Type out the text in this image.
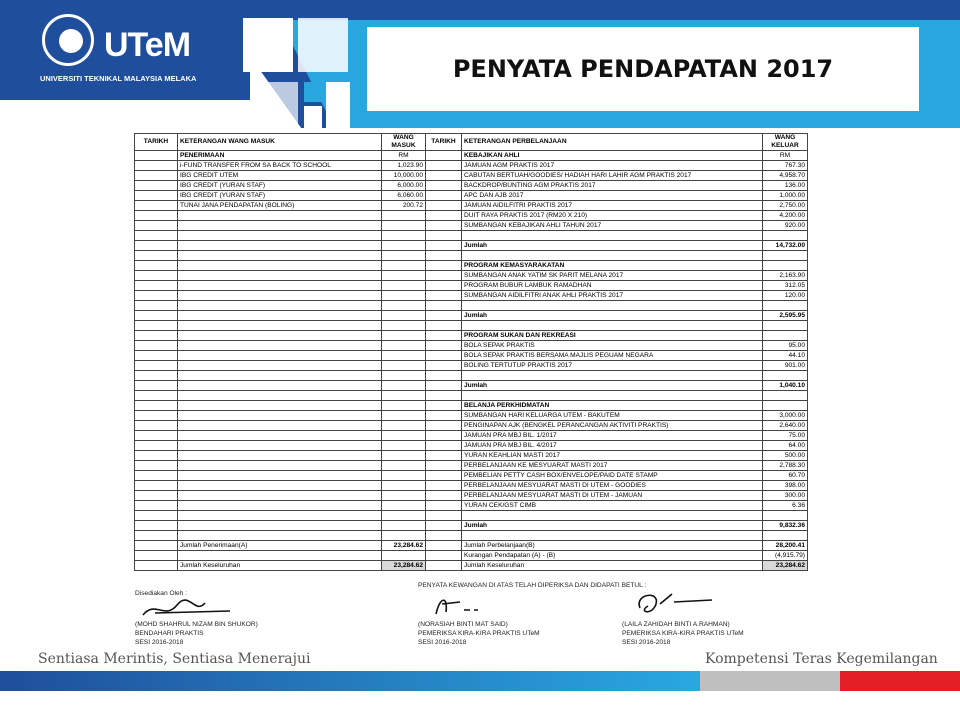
UTeM
UNIVERSITI TEKNIKAL MALAYSIA MELAKA	PENYATA PENDAPATAN 2017
TARIKH	KETERANGAN WANG MASUK	WANG MASUK	TARIKH	KETERANGAN PERBELANJAAN	WANG KELUAR
	PENERIMAAN	RM		KEBAJIKAN AHLI	RM
	i-FUND TRANSFER FROM SA BACK TO SCHOOL	1,023.90		JAMUAN AGM PRAKTIS 2017	767.30
	IBG CREDIT UTEM	10,000.00		CABUTAN BERTUAH/GOODIES/ HADIAH HARI LAHIR AGM PRAKTIS 2017	4,958.70
	IBG CREDIT (YURAN STAF)	6,000.00		BACKDROP/BUNTING AGM PRAKTIS 2017	136.00
	IBG CREDIT (YURAN STAF)	6,060.00		APC DAN AJB 2017	1,000.00
	TUNAI JANA PENDAPATAN (BOLING)	200.72		JAMUAN AIDILFITRI PRAKTIS 2017	2,750.00
				DUIT RAYA PRAKTIS 2017 (RM20 X 210)	4,200.00
				SUMBANGAN KEBAJIKAN AHLI TAHUN 2017	920.00

				Jumlah	14,732.00

				PROGRAM KEMASYARAKATAN	
				SUMBANGAN ANAK YATIM SK PARIT MELANA 2017	2,163.90
				PROGRAM BUBUR LAMBUK RAMADHAN	312.05
				SUMBANGAN AIDILFITRI ANAK AHLI PRAKTIS 2017	120.00

				Jumlah	2,595.95

				PROGRAM SUKAN DAN REKREASI	
				BOLA SEPAK PRAKTIS	95.00
				BOLA SEPAK PRAKTIS BERSAMA MAJLIS PEGUAM NEGARA	44.10
				BOLING TERTUTUP PRAKTIS 2017	901.00

				Jumlah	1,040.10

				BELANJA PERKHIDMATAN	
				SUMBANGAN HARI KELUARGA UTEM - BAKUTEM	3,000.00
				PENGINAPAN AJK (BENGKEL PERANCANGAN AKTIVITI PRAKTIS)	2,640.00
				JAMUAN PRA MBJ BIL. 1/2017	75.00
				JAMUAN PRA MBJ BIL. 4/2017	64.00
				YURAN KEAHLIAN MASTI 2017	500.00
				PERBELANJAAN KE MESYUARAT MASTI 2017	2,788.30
				PEMBELIAN PETTY CASH BOX/ENVELOPE/PAID DATE STAMP	60.70
				PERBELANJAAN MESYUARAT MASTI DI UTEM - GOODIES	398.00
				PERBELANJAAN MESYUARAT MASTI DI UTEM - JAMUAN	300.00
				YURAN CEK/GST CIMB	6.36

				Jumlah	9,832.36

	Jumlah Penerimaan(A)	23,284.62		Jumlah Perbelanjaan(B)	28,200.41
				Kurangan Pendapatan (A) - (B)	(4,915.79)
	Jumlah Keseluruhan	23,284.62		Jumlah Keseluruhan	23,284.62
Disediakan Oleh :
PENYATA KEWANGAN DI ATAS TELAH DIPERIKSA DAN DIDAPATI BETUL :
(MOHD SHAHRUL NIZAM BIN SHUKOR)
BENDAHARI PRAKTIS
SESI 2016-2018
(NORASIAH BINTI MAT SAID)
PEMERIKSA KIRA-KIRA PRAKTIS UTeM
SESI 2016-2018
(LAILA ZAHIDAH BINTI A.RAHMAN)
PEMERIKSA KIRA-KIRA PRAKTIS UTeM
SESI 2016-2018
Sentiasa Merintis, Sentiasa Menerajui	Kompetensi Teras Kegemilangan
